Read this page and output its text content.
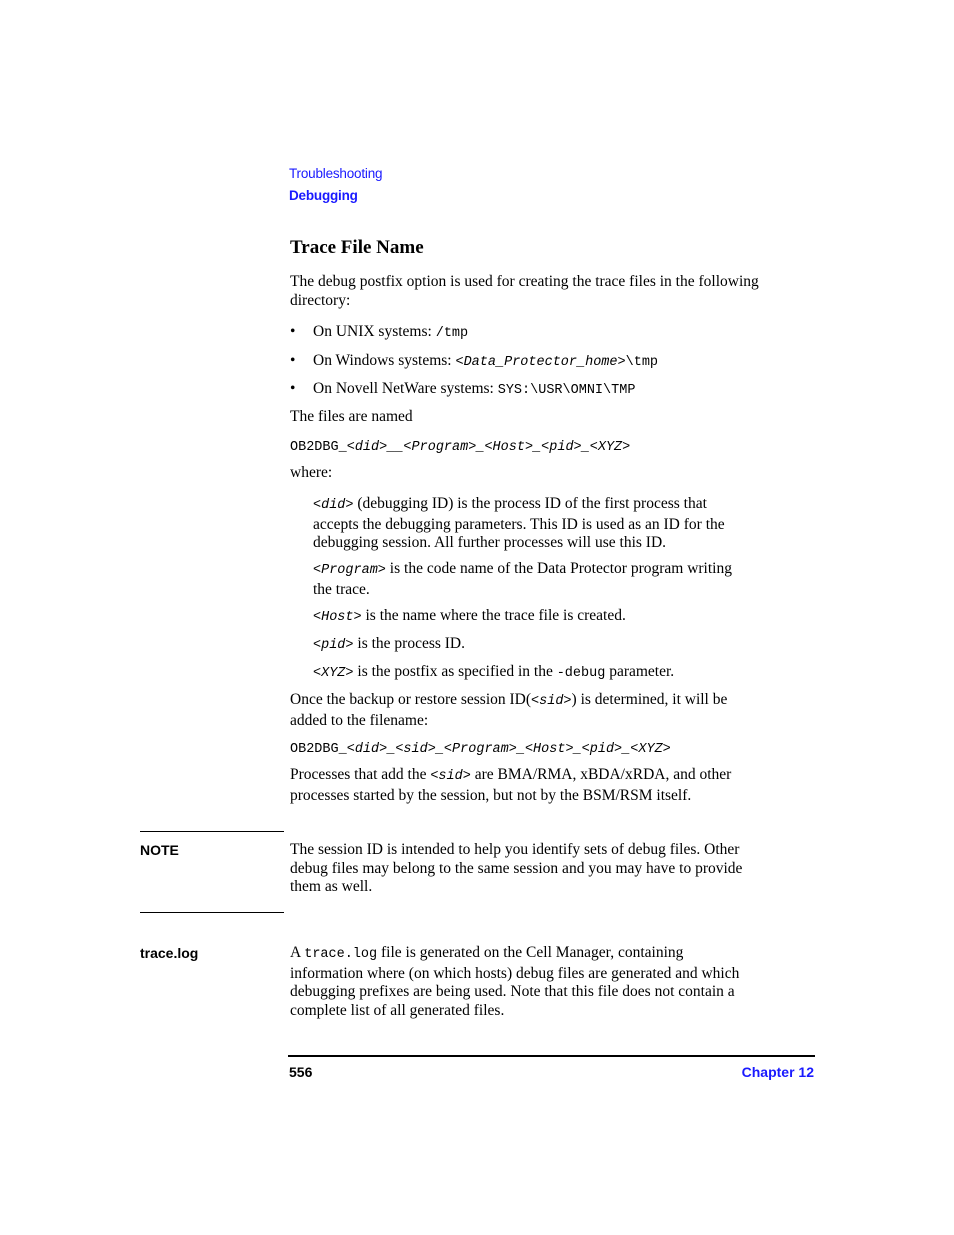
Troubleshooting
Debugging
Trace File Name
The debug postfix option is used for creating the trace files in the following directory:
• On UNIX systems: /tmp
• On Windows systems: <Data_Protector_home>\tmp
• On Novell NetWare systems: SYS:\USR\OMNI\TMP
The files are named
OB2DBG_<did>__<Program>_<Host>_<pid>_<XYZ>
where:
<did> (debugging ID) is the process ID of the first process that
accepts the debugging parameters. This ID is used as an ID for the
debugging session. All further processes will use this ID.
<Program> is the code name of the Data Protector program writing
the trace.
<Host> is the name where the trace file is created.
<pid> is the process ID.
<XYZ> is the postfix as specified in the -debug parameter.
Once the backup or restore session ID(<sid>) is determined, it will be
added to the filename:
OB2DBG_<did>_<sid>_<Program>_<Host>_<pid>_<XYZ>
Processes that add the <sid> are BMA/RMA, xBDA/xRDA, and other
processes started by the session, but not by the BSM/RSM itself.
NOTE	The session ID is intended to help you identify sets of debug files. Other
debug files may belong to the same session and you may have to provide
them as well.
trace.log	A trace.log file is generated on the Cell Manager, containing
information where (on which hosts) debug files are generated and which
debugging prefixes are being used. Note that this file does not contain a
complete list of all generated files.
556	Chapter 12
